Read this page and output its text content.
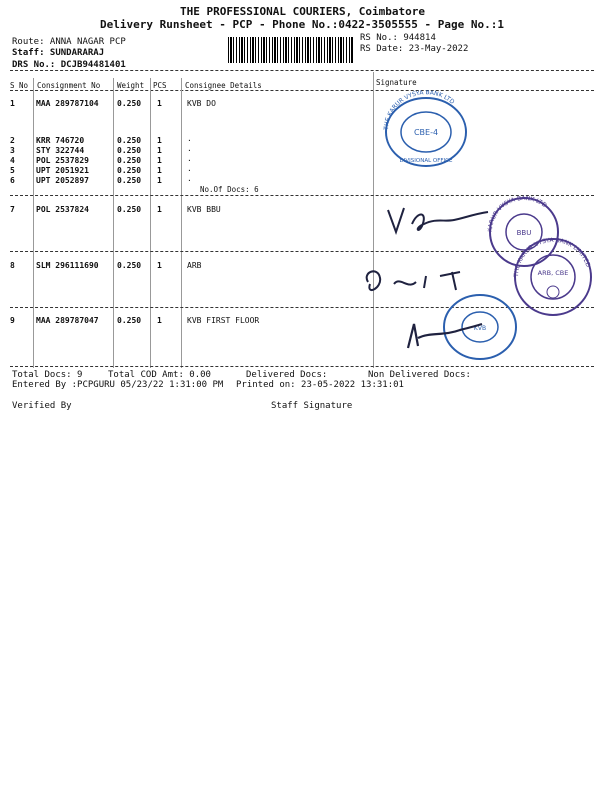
THE PROFESSIONAL COURIERS, Coimbatore
Delivery Runsheet - PCP - Phone No.:0422-3505555 - Page No.:1
Route: ANNA NAGAR PCP
Staff: SUNDARARAJ
DRS No.: DCJB94481401
RS No.: 944814
RS Date: 23-May-2022
S No Consignment No Weight PCS Consignee Details	Signature
1	MAA 289787104 0.250 1	KVB DO
2	KRR 746720	0.250 1	.
3	STY 322744	0.250 1	.
4	POL 2537829	0.250 1	.
5	UPT 2051921	0.250 1	.
6	UPT 2052897	0.250 1	.
No.Of Docs: 6
7	POL 2537824	0.250 1	KVB BBU
8	SLM 296111690 0.250 1	ARB
9	MAA 289787047 0.250 1	KVB FIRST FLOOR
Total Docs: 9	Total COD Amt: 0.00	Delivered Docs:	Non Delivered Docs:
Entered By :PCPGURU 05/23/22 1:31:00 PM Printed on: 23-05-2022 13:31:01
Verified By	Staff Signature
THE KARUR VYSYA BANK LTD
CBE-4
DIVISIONAL OFFICE
KARUR VYSYA BANK LTD
BBU
THE KARUR VYSYA BANK LIMITED
ARB, CBE
KVB
